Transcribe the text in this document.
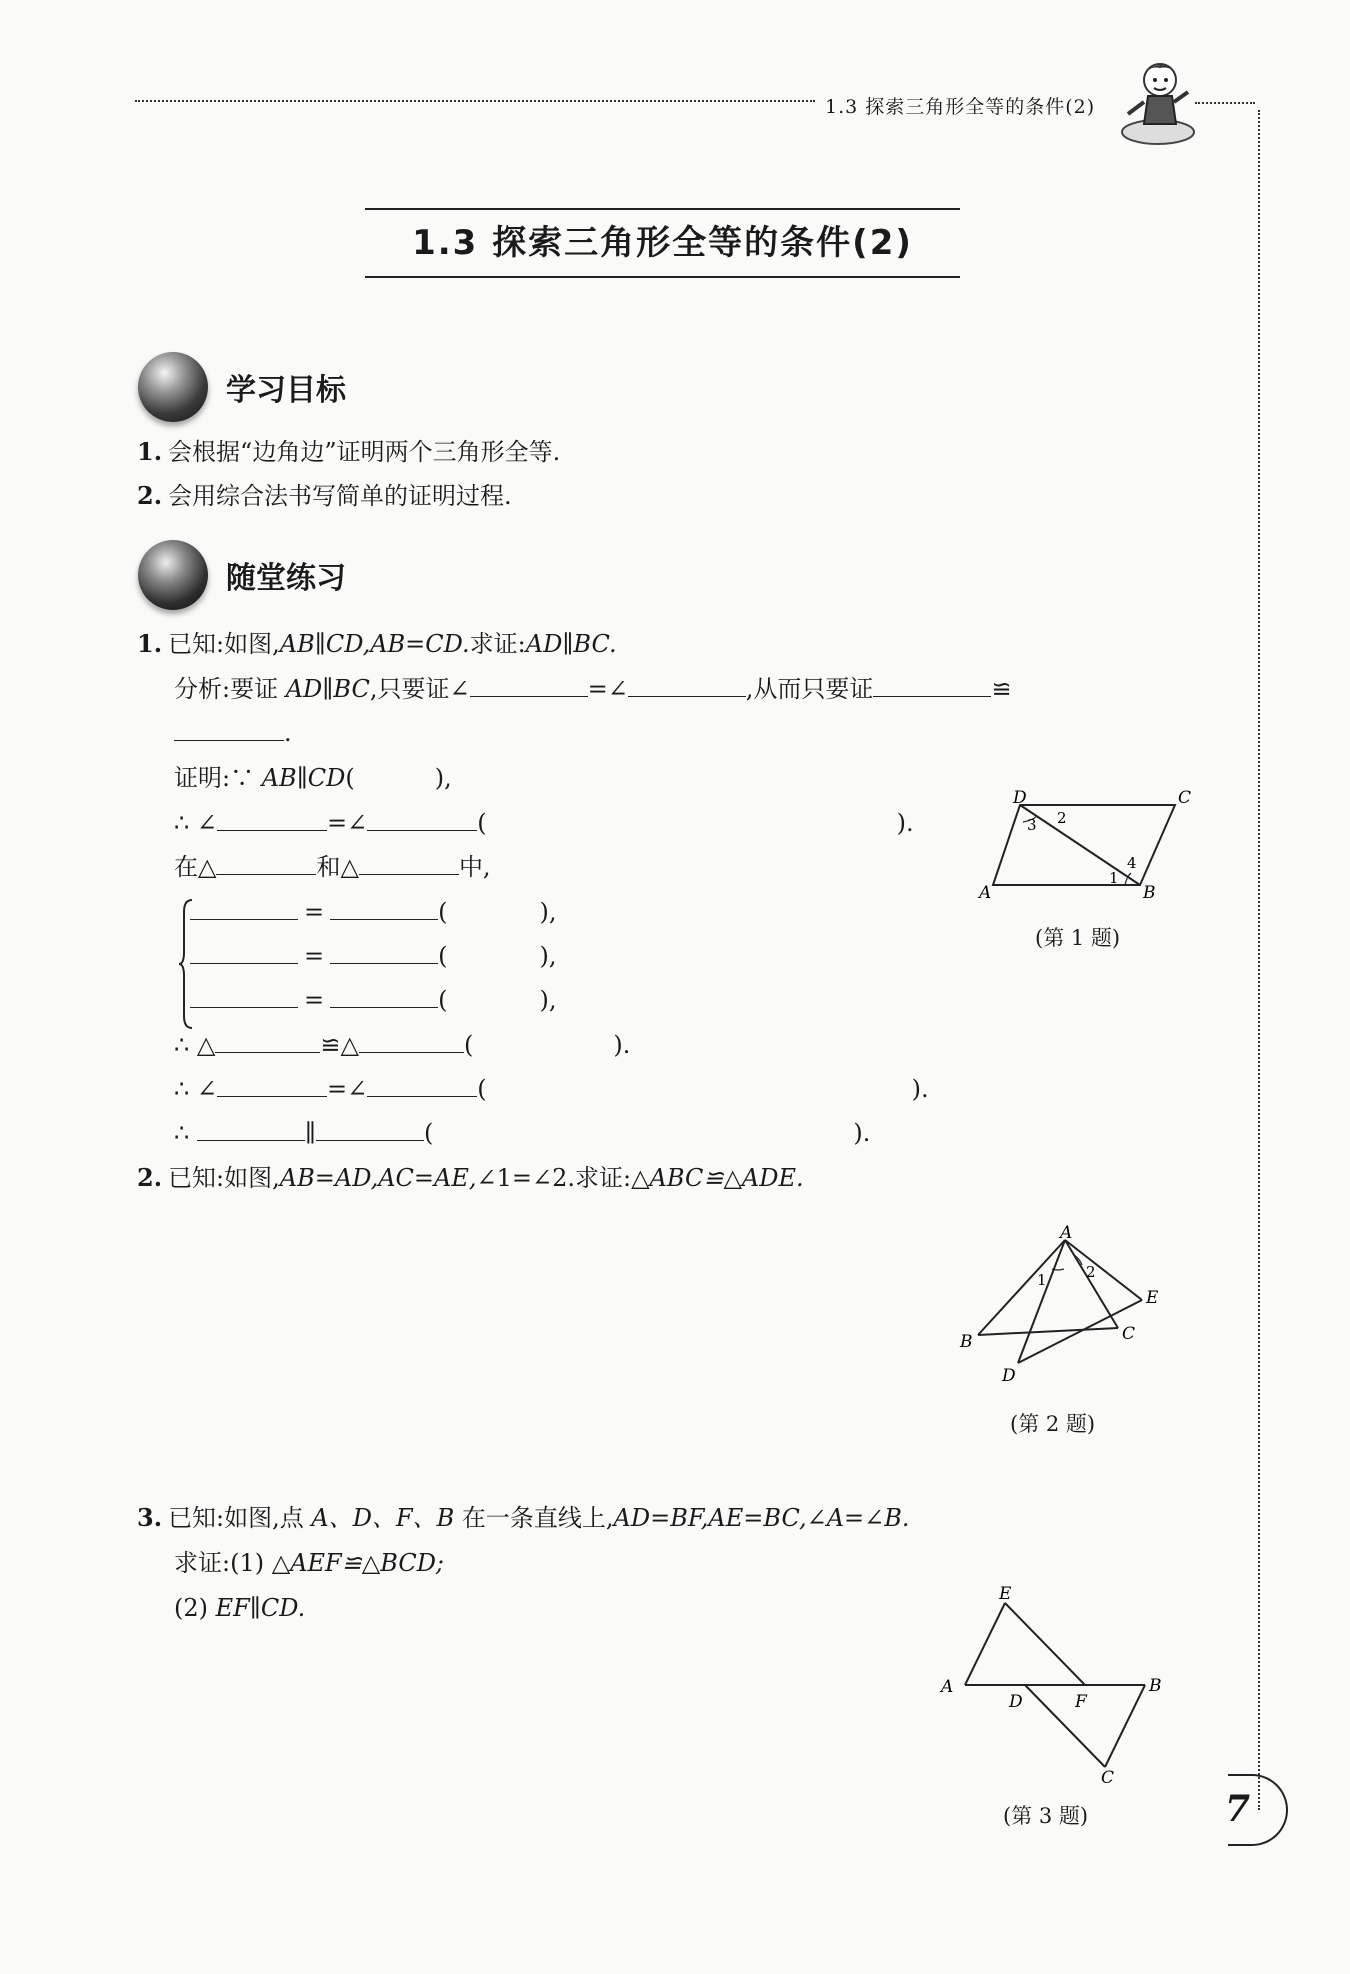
1.3 探索三角形全等的条件(2)
1.3 探索三角形全等的条件(2)
学习目标
1. 会根据“边角边”证明两个三角形全等.
2. 会用综合法书写简单的证明过程.
随堂练习
1. 已知:如图,AB∥CD,AB=CD.求证:AD∥BC.
分析:要证 AD∥BC,只要证∠	=∠	,从而只要证	≌
.
证明:∵ AB∥CD(	),
∴ ∠	=∠	(	).
在△	和△	中,
=	(	),
=	(	),
=	(	),
∴ △	≌△	(	).
∴ ∠	=∠	(	).
∴	∥	(	).
D	C
A	B
3 2
4
1
(第 1 题)
2. 已知:如图,AB=AD,AC=AE,∠1=∠2.求证:△ABC≌△ADE.
A
B	C
D
E
1	2
(第 2 题)
3. 已知:如图,点 A、D、F、B 在一条直线上,AD=BF,AE=BC,∠A=∠B.
求证:(1) △AEF≌△BCD;
(2) EF∥CD.	E
A
D	F
B
C
(第 3 题)	7
